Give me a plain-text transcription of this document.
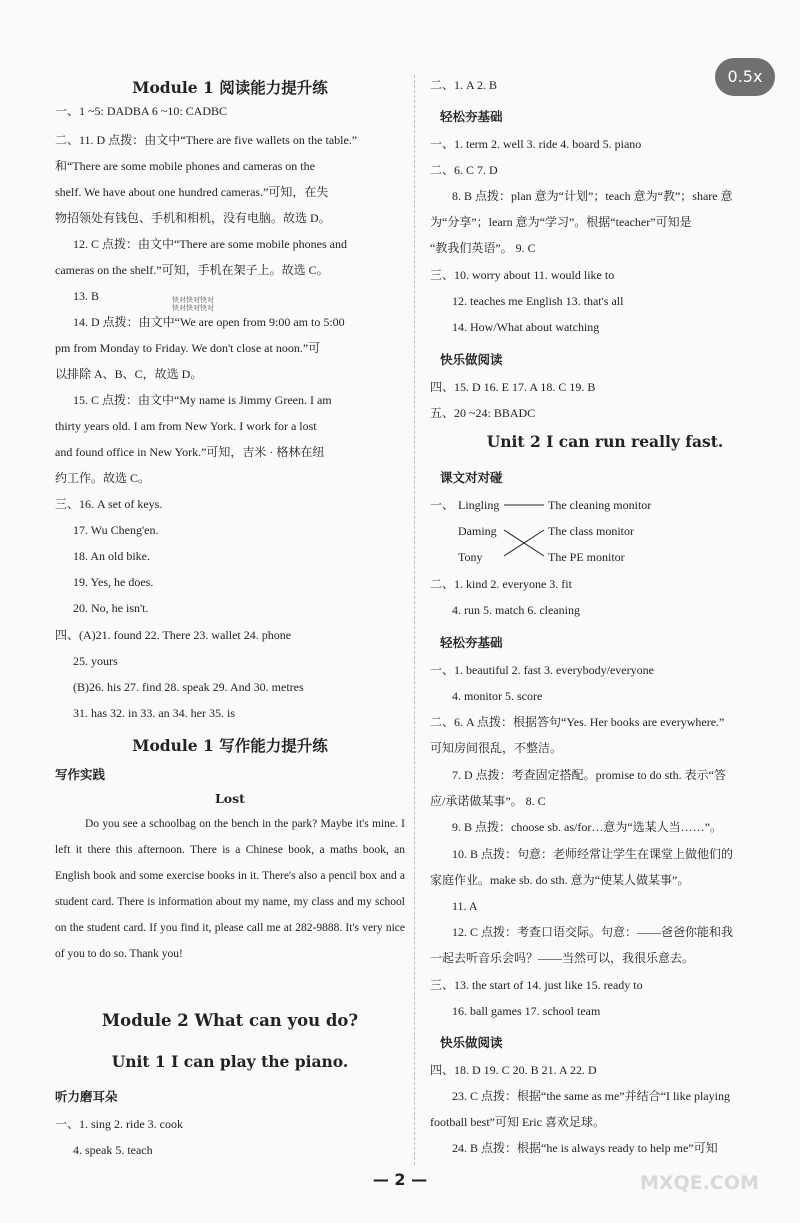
0.5x
Module 1 阅读能力提升练
一、1 ~5: DADBA 6 ~10: CADBC
二、11. D 点拨：由文中“There are five wallets on the table.”
和“There are some mobile phones and cameras on the
shelf. We have about one hundred cameras.”可知，在失
物招领处有钱包、手机和相机，没有电脑。故选 D。
12. C 点拨：由文中“There are some mobile phones and
cameras on the shelf.”可知，手机在架子上。故选 C。
13. B
14. D 点拨：由文中“We are open from 9:00 am to 5:00
pm from Monday to Friday. We don't close at noon.”可
以排除 A、B、C，故选 D。
15. C 点拨：由文中“My name is Jimmy Green. I am
thirty years old. I am from New York. I work for a lost
and found office in New York.”可知，吉米 · 格林在纽
约工作。故选 C。
三、16. A set of keys.
17. Wu Cheng'en.
18. An old bike.
19. Yes, he does.
20. No, he isn't.
四、(A)21. found 22. There 23. wallet 24. phone
25. yours
(B)26. his 27. find 28. speak 29. And 30. metres
31. has 32. in 33. an 34. her 35. is
Module 1 写作能力提升练
写作实践
Lost
Do you see a schoolbag on the bench in the park? Maybe it's mine. I left it there this afternoon. There is a Chinese book, a maths book, an English book and some exercise books in it. There's also a pencil box and a student card. There is information about my name, my class and my school on the student card. If you find it, please call me at 282-9888. It's very nice of you to do so. Thank you!
Module 2 What can you do?
Unit 1 I can play the piano.
听力磨耳朵
一、1. sing 2. ride 3. cook
4. speak 5. teach
快对快对快对
快对快对快对
二、1. A 2. B
轻松夯基础
一、1. term 2. well 3. ride 4. board 5. piano
二、6. C 7. D
8. B 点拨：plan 意为“计划”；teach 意为“教”；share 意
为“分享”；learn 意为“学习”。根据“teacher”可知是
“教我们英语”。 9. C
三、10. worry about 11. would like to
12. teaches me English 13. that's all
14. How/What about watching
快乐做阅读
四、15. D 16. E 17. A 18. C 19. B
五、20 ~24: BBADC
Unit 2 I can run really fast.
课文对对碰
一、 Lingling
Daming
Tony
The cleaning monitor
The class monitor
The PE monitor
二、1. kind 2. everyone 3. fit
4. run 5. match 6. cleaning
轻松夯基础
一、1. beautiful 2. fast 3. everybody/everyone
4. monitor 5. score
二、6. A 点拨：根据答句“Yes. Her books are everywhere.”
可知房间很乱，不整洁。
7. D 点拨：考查固定搭配。promise to do sth. 表示“答
应/承诺做某事”。 8. C
9. B 点拨：choose sb. as/for…意为“选某人当……”。
10. B 点拨：句意：老师经常让学生在课堂上做他们的
家庭作业。make sb. do sth. 意为“使某人做某事”。
11. A
12. C 点拨：考查口语交际。句意：——爸爸你能和我
一起去听音乐会吗？——当然可以，我很乐意去。
三、13. the start of 14. just like 15. ready to
16. ball games 17. school team
快乐做阅读
四、18. D 19. C 20. B 21. A 22. D
23. C 点拨：根据“the same as me”并结合“I like playing
football best”可知 Eric 喜欢足球。
24. B 点拨：根据“he is always ready to help me”可知
— 2 —	MXQE.COM
